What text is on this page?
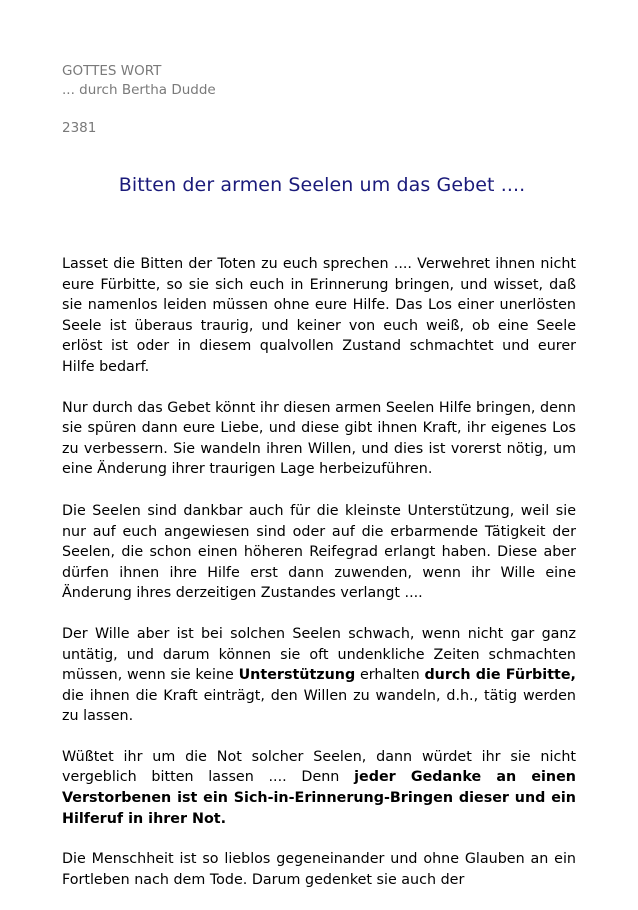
GOTTES WORT
... durch Bertha Dudde
2381
Bitten der armen Seelen um das Gebet ....

Lasset die Bitten der Toten zu euch sprechen .... Verwehret ihnen nicht eure Fürbitte, so sie sich euch in Erinnerung bringen, und wisset, daß sie namenlos leiden müssen ohne eure Hilfe. Das Los einer unerlösten Seele ist überaus traurig, und keiner von euch weiß, ob eine Seele erlöst ist oder in diesem qualvollen Zustand schmachtet und eurer Hilfe bedarf.

Nur durch das Gebet könnt ihr diesen armen Seelen Hilfe bringen, denn sie spüren dann eure Liebe, und diese gibt ihnen Kraft, ihr eigenes Los zu verbessern. Sie wandeln ihren Willen, und dies ist vorerst nötig, um eine Änderung ihrer traurigen Lage herbeizuführen.

Die Seelen sind dankbar auch für die kleinste Unterstützung, weil sie nur auf euch angewiesen sind oder auf die erbarmende Tätigkeit der Seelen, die schon einen höheren Reifegrad erlangt haben. Diese aber dürfen ihnen ihre Hilfe erst dann zuwenden, wenn ihr Wille eine Änderung ihres derzeitigen Zustandes verlangt ....

Der Wille aber ist bei solchen Seelen schwach, wenn nicht gar ganz untätig, und darum können sie oft undenkliche Zeiten schmachten müssen, wenn sie keine Unterstützung erhalten durch die Fürbitte, die ihnen die Kraft einträgt, den Willen zu wandeln, d.h., tätig werden zu lassen.

Wüßtet ihr um die Not solcher Seelen, dann würdet ihr sie nicht vergeblich bitten lassen .... Denn jeder Gedanke an einen Verstorbenen ist ein Sich-in-Erinnerung-Bringen dieser und ein Hilferuf in ihrer Not.

Die Menschheit ist so lieblos gegeneinander und ohne Glauben an ein Fortleben nach dem Tode. Darum gedenket sie auch der
